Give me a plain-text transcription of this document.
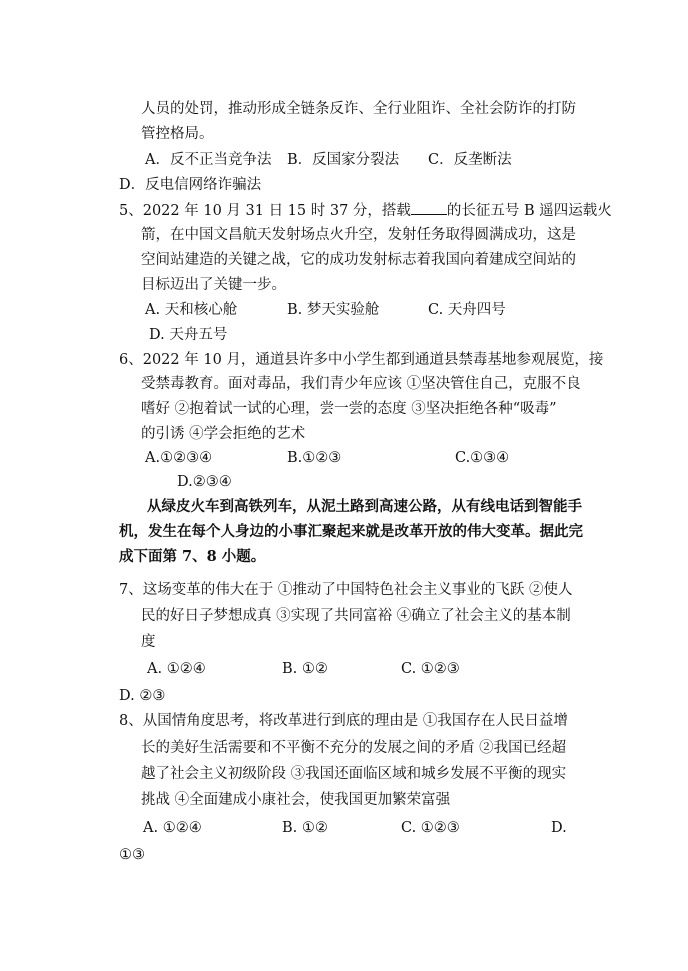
人员的处罚，推动形成全链条反诈、全行业阻诈、全社会防诈的打防
管控格局。
A．反不正当竞争法 B．反国家分裂法 C．反垄断法
D．反电信网络诈骗法
5、2022 年 10 月 31 日 15 时 37 分，搭载 的长征五号 B 遥四运载火
箭，在中国文昌航天发射场点火升空，发射任务取得圆满成功，这是
空间站建造的关键之战，它的成功发射标志着我国向着建成空间站的
目标迈出了关键一步。
A. 天和核心舱	B. 梦天实验舱	C. 天舟四号
D. 天舟五号
6、2022 年 10 月，通道县许多中小学生都到通道县禁毒基地参观展览，接
受禁毒教育。面对毒品，我们青少年应该 ①坚决管住自己，克服不良
嗜好 ②抱着试一试的心理，尝一尝的态度 ③坚决拒绝各种“吸毒”
的引诱 ④学会拒绝的艺术
A.①②③④	B.①②③	C.①③④
D.②③④
从绿皮火车到高铁列车，从泥土路到高速公路，从有线电话到智能手
机，发生在每个人身边的小事汇聚起来就是改革开放的伟大变革。据此完
成下面第 7、8 小题。
7、这场变革的伟大在于 ①推动了中国特色社会主义事业的飞跃 ②使人
民的好日子梦想成真 ③实现了共同富裕 ④确立了社会主义的基本制
度
A. ①②④	B. ①②	C. ①②③
D. ②③
8、从国情角度思考，将改革进行到底的理由是 ①我国存在人民日益增
长的美好生活需要和不平衡不充分的发展之间的矛盾 ②我国已经超
越了社会主义初级阶段 ③我国还面临区域和城乡发展不平衡的现实
挑战 ④全面建成小康社会，使我国更加繁荣富强
A. ①②④	B. ①②	C. ①②③	D.
①③
